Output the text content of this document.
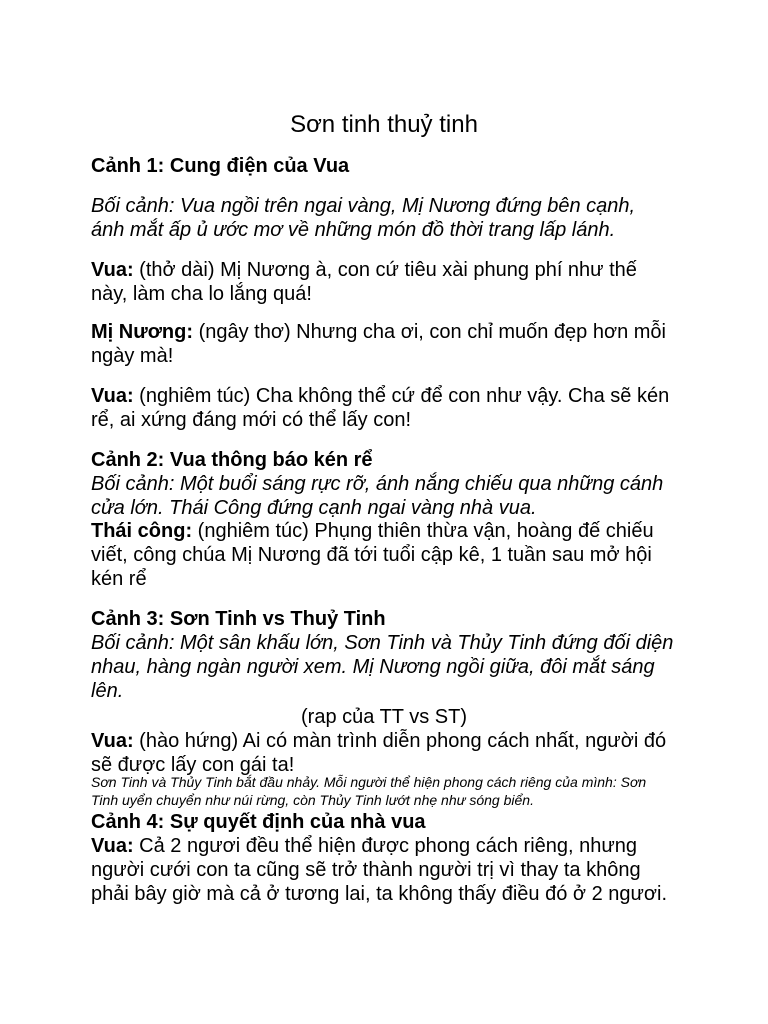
Sơn tinh thuỷ tinh
Cảnh 1: Cung điện của Vua
Bối cảnh: Vua ngồi trên ngai vàng, Mị Nương đứng bên cạnh, ánh mắt ấp ủ ước mơ về những món đồ thời trang lấp lánh.
Vua: (thở dài) Mị Nương à, con cứ tiêu xài phung phí như thế này, làm cha lo lắng quá!
Mị Nương: (ngây thơ) Nhưng cha ơi, con chỉ muốn đẹp hơn mỗi ngày mà!
Vua: (nghiêm túc) Cha không thể cứ để con như vậy. Cha sẽ kén rể, ai xứng đáng mới có thể lấy con!
Cảnh 2: Vua thông báo kén rể
Bối cảnh: Một buổi sáng rực rỡ, ánh nắng chiếu qua những cánh cửa lớn. Thái Công đứng cạnh ngai vàng nhà vua.
Thái công: (nghiêm túc) Phụng thiên thừa vận, hoàng đế chiếu viết, công chúa Mị Nương đã tới tuổi cập kê, 1 tuần sau mở hội kén rể
Cảnh 3: Sơn Tinh vs Thuỷ Tinh
Bối cảnh: Một sân khấu lớn, Sơn Tinh và Thủy Tinh đứng đối diện nhau, hàng ngàn người xem. Mị Nương ngồi giữa, đôi mắt sáng lên.
(rap của TT vs ST)
Vua: (hào hứng) Ai có màn trình diễn phong cách nhất, người đó sẽ được lấy con gái ta!
Sơn Tinh và Thủy Tinh bắt đầu nhảy. Mỗi người thể hiện phong cách riêng của mình: Sơn Tinh uyển chuyển như núi rừng, còn Thủy Tinh lướt nhẹ như sóng biển.
Cảnh 4: Sự quyết định của nhà vua
Vua: Cả 2 ngươi đều thể hiện được phong cách riêng, nhưng người cưới con ta cũng sẽ trở thành người trị vì thay ta không phải bây giờ mà cả ở tương lai, ta không thấy điều đó ở 2 ngươi.
